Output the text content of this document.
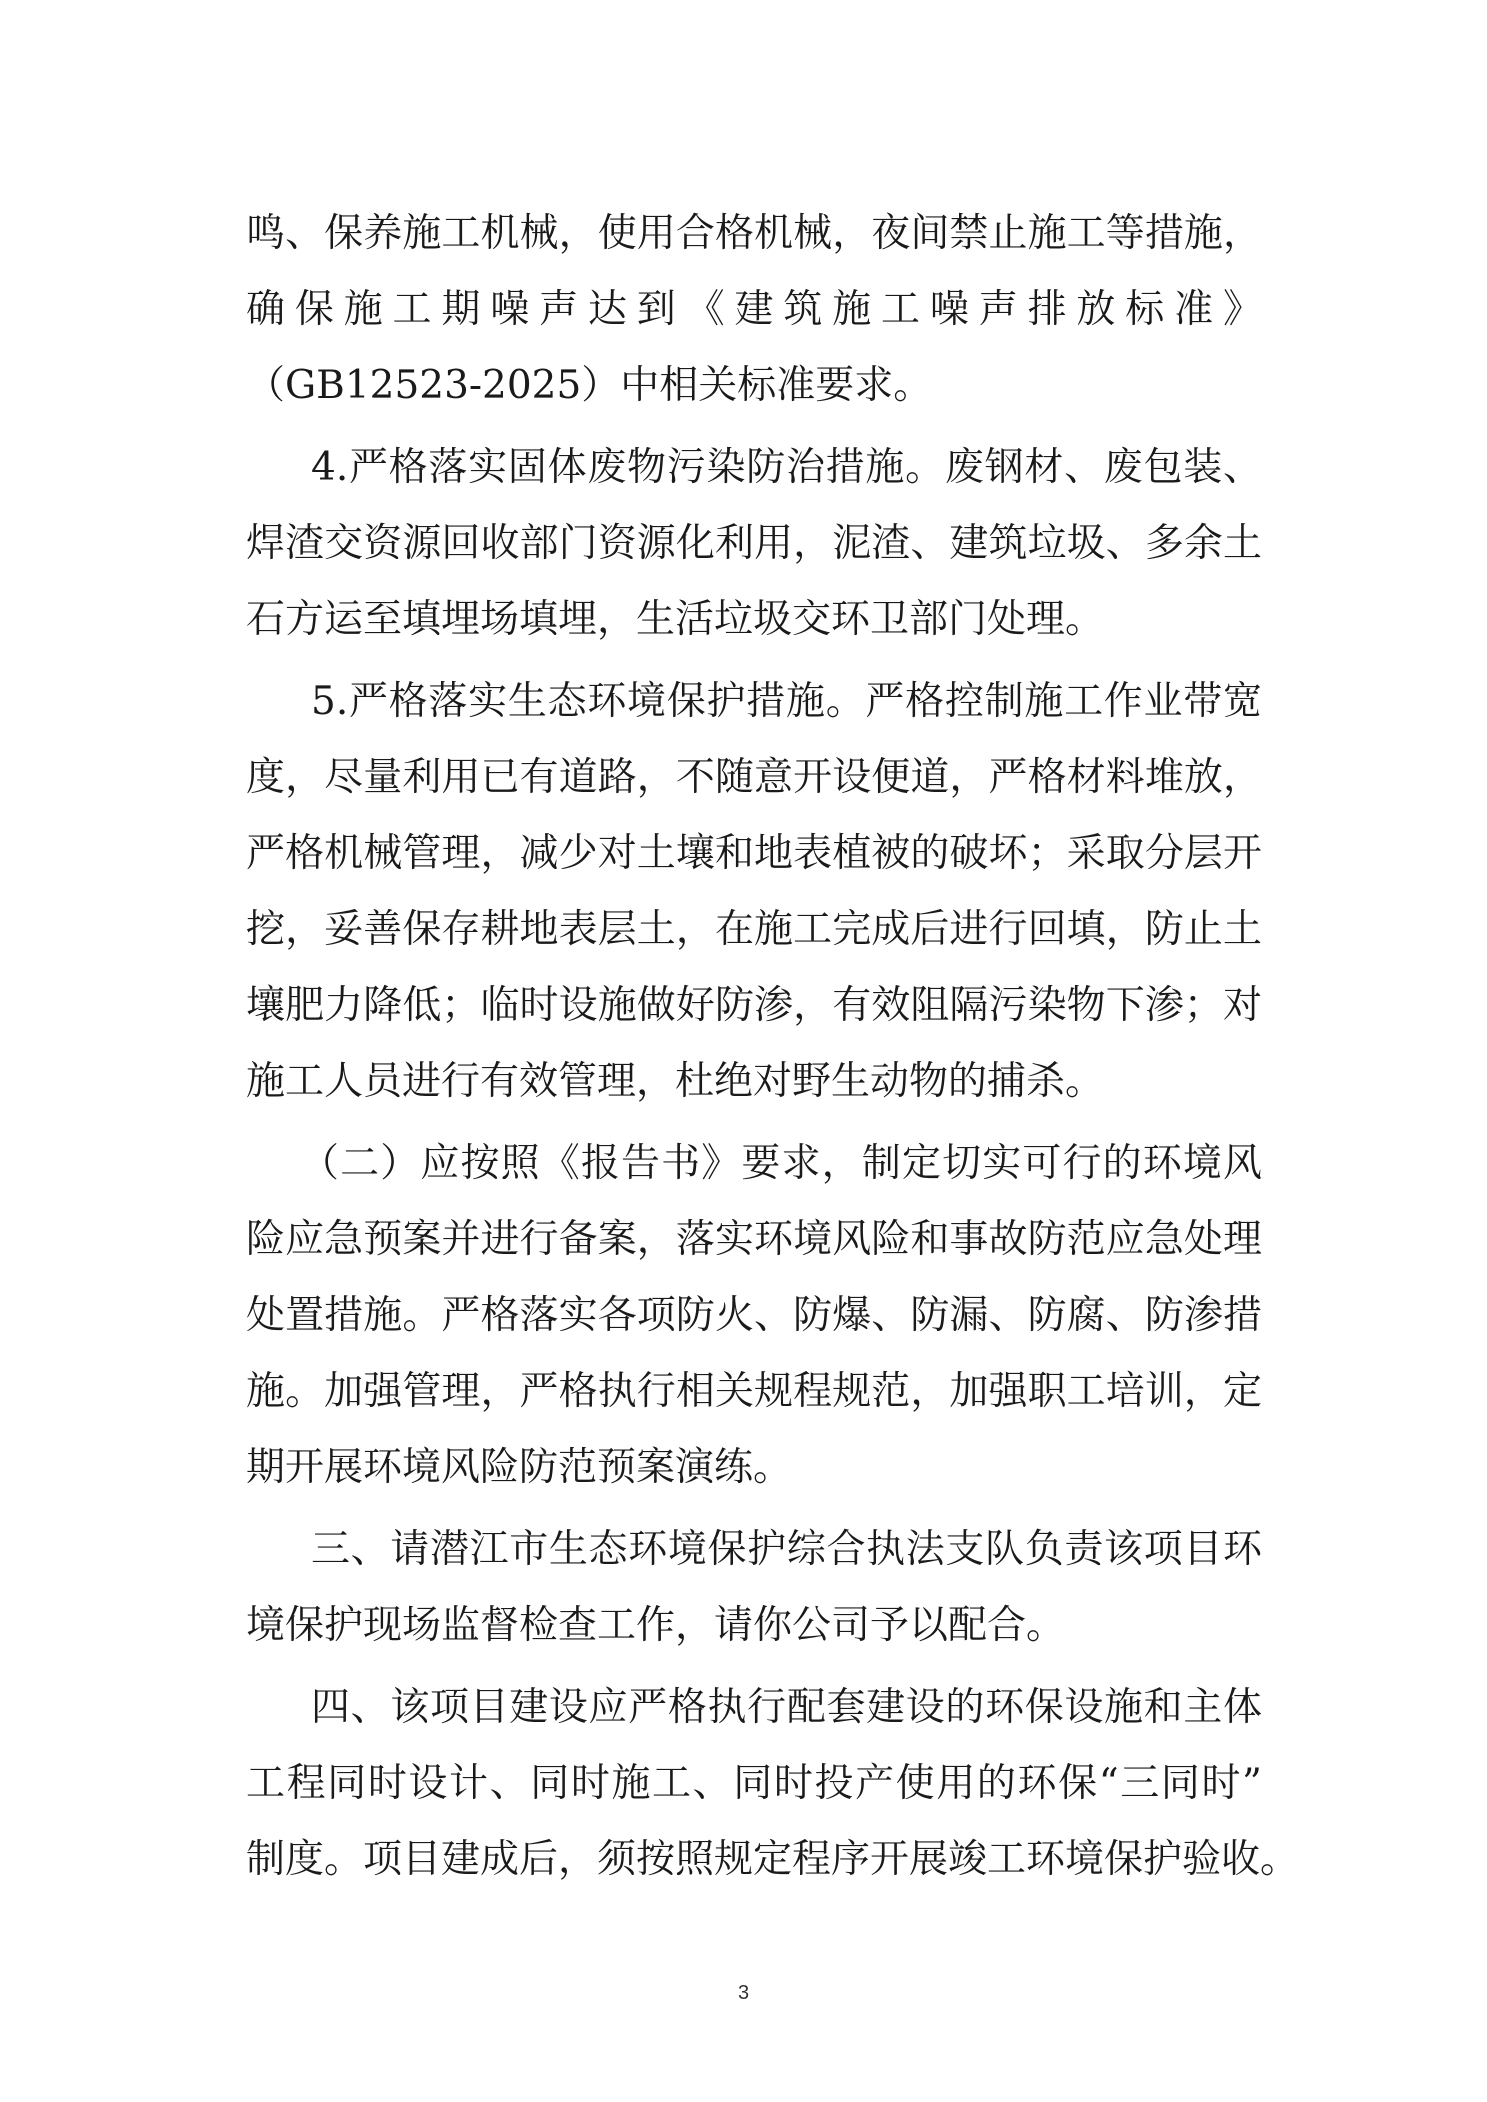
鸣、保养施工机械，使用合格机械，夜间禁止施工等措施，
确保施工期噪声达到《建筑施工噪声排放标准》
（GB12523-2025）中相关标准要求。
4.严格落实固体废物污染防治措施。废钢材、废包装、
焊渣交资源回收部门资源化利用，泥渣、建筑垃圾、多余土
石方运至填埋场填埋，生活垃圾交环卫部门处理。
5.严格落实生态环境保护措施。严格控制施工作业带宽
度，尽量利用已有道路，不随意开设便道，严格材料堆放，
严格机械管理，减少对土壤和地表植被的破坏；采取分层开
挖，妥善保存耕地表层土，在施工完成后进行回填，防止土
壤肥力降低；临时设施做好防渗，有效阻隔污染物下渗；对
施工人员进行有效管理，杜绝对野生动物的捕杀。
（二）应按照《报告书》要求，制定切实可行的环境风
险应急预案并进行备案，落实环境风险和事故防范应急处理
处置措施。严格落实各项防火、防爆、防漏、防腐、防渗措
施。加强管理，严格执行相关规程规范，加强职工培训，定
期开展环境风险防范预案演练。
三、请潜江市生态环境保护综合执法支队负责该项目环
境保护现场监督检查工作，请你公司予以配合。
四、该项目建设应严格执行配套建设的环保设施和主体
工程同时设计、同时施工、同时投产使用的环保“三同时”
制度。项目建成后，须按照规定程序开展竣工环境保护验收。
3
